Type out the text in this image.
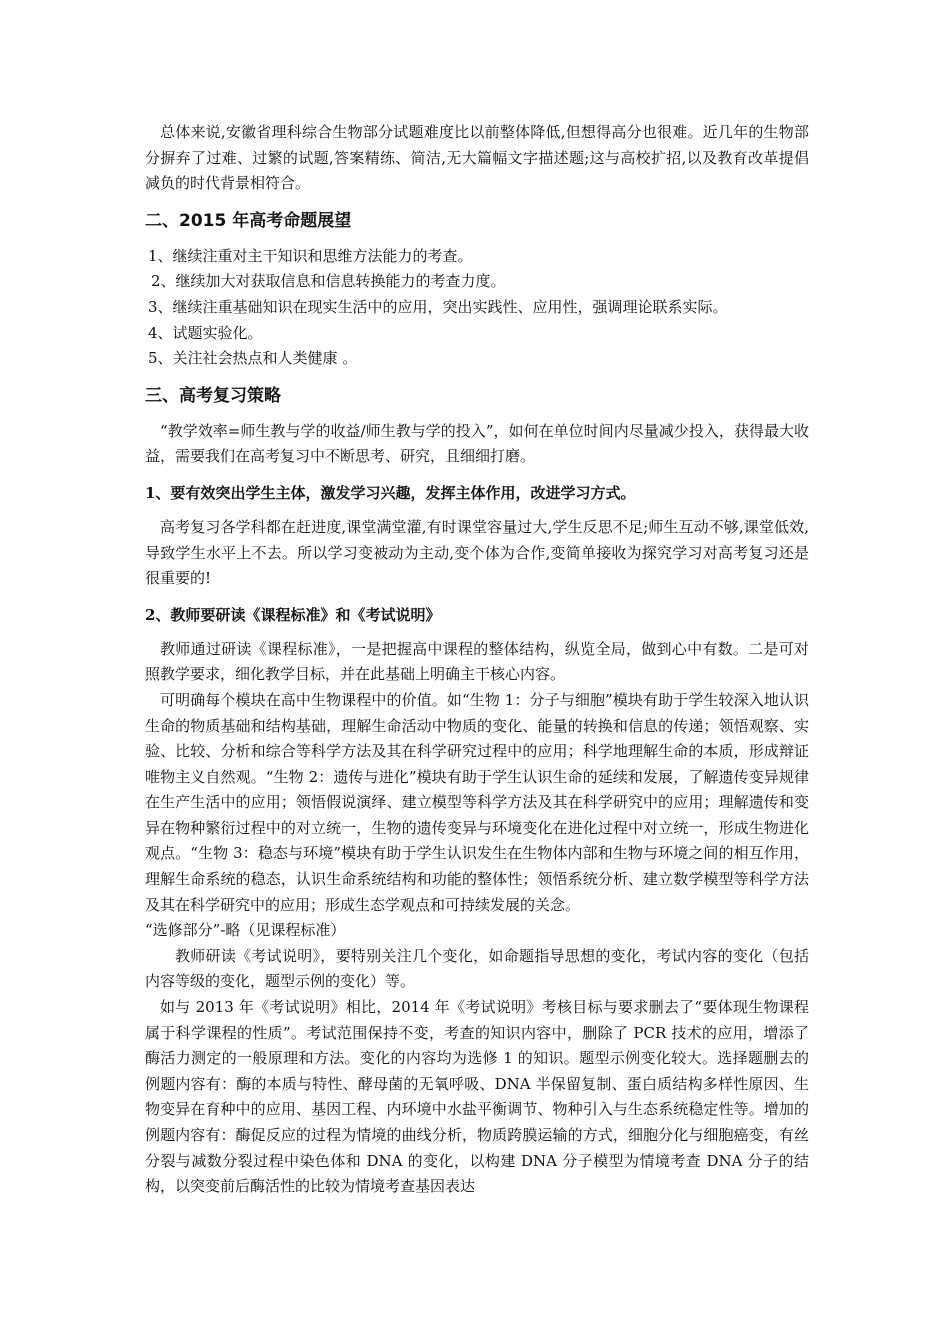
总体来说,安徽省理科综合生物部分试题难度比以前整体降低,但想得高分也很难。近几年的生物部分摒弃了过难、过繁的试题,答案精练、简洁,无大篇幅文字描述题;这与高校扩招,以及教育改革提倡减负的时代背景相符合。

二、2015 年高考命题展望

1、继续注重对主干知识和思维方法能力的考查。

2、继续加大对获取信息和信息转换能力的考查力度。

3、继续注重基础知识在现实生活中的应用，突出实践性、应用性，强调理论联系实际。

4、试题实验化。

5、关注社会热点和人类健康 。

三、高考复习策略

“教学效率=师生教与学的收益/师生教与学的投入”，如何在单位时间内尽量减少投入，获得最大收益，需要我们在高考复习中不断思考、研究，且细细打磨。

1、要有效突出学生主体，激发学习兴趣，发挥主体作用，改进学习方式。

高考复习各学科都在赶进度,课堂满堂灌,有时课堂容量过大,学生反思不足;师生互动不够,课堂低效,导致学生水平上不去。所以学习变被动为主动,变个体为合作,变简单接收为探究学习对高考复习还是很重要的!

2、教师要研读《课程标准》和《考试说明》

教师通过研读《课程标准》，一是把握高中课程的整体结构，纵览全局，做到心中有数。二是可对照教学要求，细化教学目标，并在此基础上明确主干核心内容。

可明确每个模块在高中生物课程中的价值。如“生物 1：分子与细胞”模块有助于学生较深入地认识生命的物质基础和结构基础，理解生命活动中物质的变化、能量的转换和信息的传递；领悟观察、实验、比较、分析和综合等科学方法及其在科学研究过程中的应用；科学地理解生命的本质，形成辩证唯物主义自然观。“生物 2：遗传与进化”模块有助于学生认识生命的延续和发展，了解遗传变异规律在生产生活中的应用；领悟假说演绎、建立模型等科学方法及其在科学研究中的应用；理解遗传和变异在物种繁衍过程中的对立统一，生物的遗传变异与环境变化在进化过程中对立统一，形成生物进化观点。“生物 3：稳态与环境”模块有助于学生认识发生在生物体内部和生物与环境之间的相互作用，理解生命系统的稳态，认识生命系统结构和功能的整体性；领悟系统分析、建立数学模型等科学方法及其在科学研究中的应用；形成生态学观点和可持续发展的关念。

“选修部分”-略（见课程标准）

教师研读《考试说明》，要特别关注几个变化，如命题指导思想的变化，考试内容的变化（包括内容等级的变化，题型示例的变化）等。

如与 2013 年《考试说明》相比，2014 年《考试说明》考核目标与要求删去了“要体现生物课程属于科学课程的性质”。考试范围保持不变，考查的知识内容中，删除了 PCR 技术的应用，增添了酶活力测定的一般原理和方法。变化的内容均为选修 1 的知识。题型示例变化较大。选择题删去的例题内容有：酶的本质与特性、酵母菌的无氧呼吸、DNA 半保留复制、蛋白质结构多样性原因、生物变异在育种中的应用、基因工程、内环境中水盐平衡调节、物种引入与生态系统稳定性等。增加的例题内容有：酶促反应的过程为情境的曲线分析，物质跨膜运输的方式，细胞分化与细胞癌变，有丝分裂与减数分裂过程中染色体和 DNA 的变化，以构建 DNA 分子模型为情境考查 DNA 分子的结构，以突变前后酶活性的比较为情境考查基因表达
